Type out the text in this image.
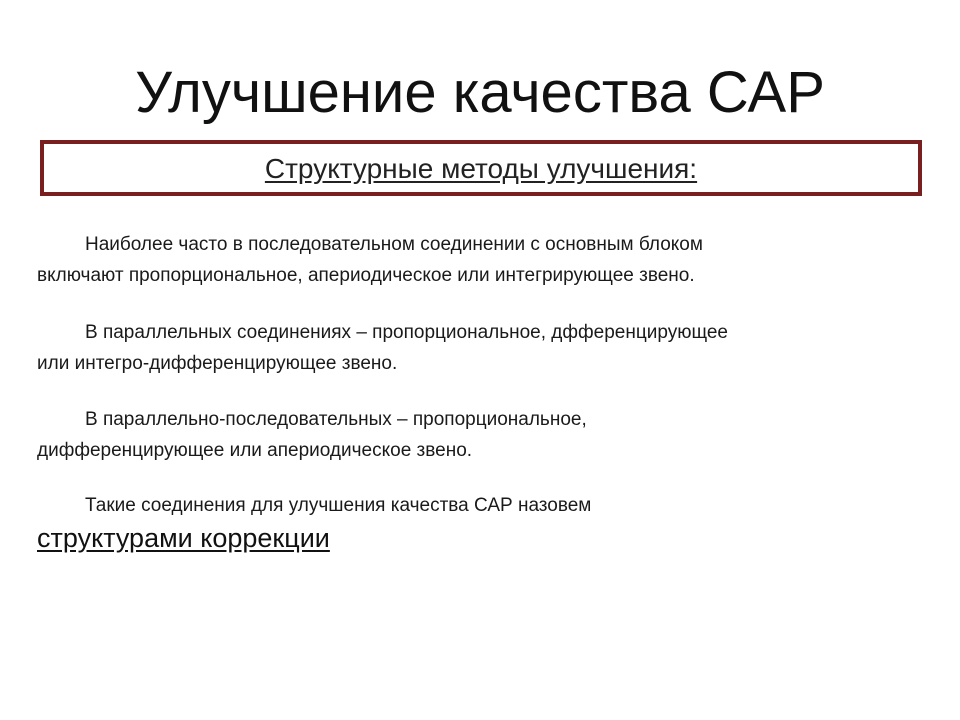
Улучшение качества САР
Структурные методы улучшения:
Наиболее часто в последовательном соединении с основным блоком
включают пропорциональное, апериодическое или интегрирующее звено.
В параллельных соединениях – пропорциональное, дфференцирующее
или интегро-дифференцирующее звено.
В параллельно-последовательных – пропорциональное,
дифференцирующее или апериодическое звено.
Такие соединения для улучшения качества САР назовем
структурами коррекции
